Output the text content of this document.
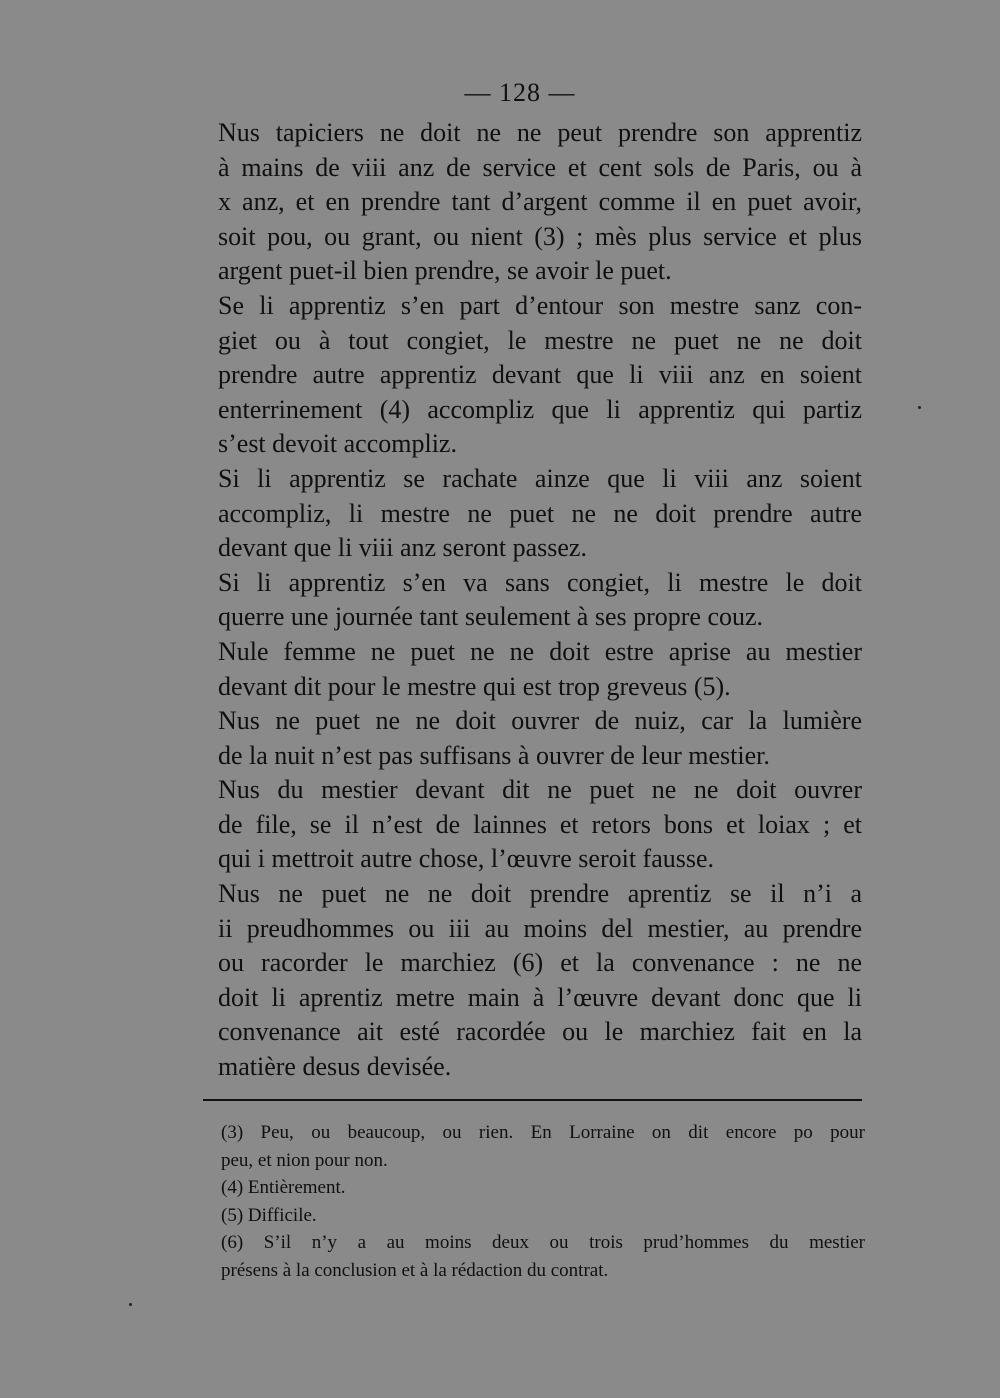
— 128 —

Nus tapiciers ne doit ne ne peut prendre son apprentiz
à mains de viii anz de service et cent sols de Paris, ou à
x anz, et en prendre tant d’argent comme il en puet avoir,
soit pou, ou grant, ou nient (3) ; mès plus service et plus
argent puet-il bien prendre, se avoir le puet.

Se li apprentiz s’en part d’entour son mestre sanz con-
giet ou à tout congiet, le mestre ne puet ne ne doit
prendre autre apprentiz devant que li viii anz en soient
enterrinement (4) accompliz que li apprentiz qui partiz
s’est devoit accompliz.

Si li apprentiz se rachate ainze que li viii anz soient
accompliz, li mestre ne puet ne ne doit prendre autre
devant que li viii anz seront passez.

Si li apprentiz s’en va sans congiet, li mestre le doit
querre une journée tant seulement à ses propre couz.

Nule femme ne puet ne ne doit estre aprise au mestier
devant dit pour le mestre qui est trop greveus (5).

Nus ne puet ne ne doit ouvrer de nuiz, car la lumière
de la nuit n’est pas suffisans à ouvrer de leur mestier.

Nus du mestier devant dit ne puet ne ne doit ouvrer
de file, se il n’est de lainnes et retors bons et loiax ; et
qui i mettroit autre chose, l’œuvre seroit fausse.

Nus ne puet ne ne doit prendre aprentiz se il n’i a
ii preudhommes ou iii au moins del mestier, au prendre
ou racorder le marchiez (6) et la convenance : ne ne
doit li aprentiz metre main à l’œuvre devant donc que li
convenance ait esté racordée ou le marchiez fait en la
matière desus devisée.

(3) Peu, ou beaucoup, ou rien. En Lorraine on dit encore po pour
peu, et nion pour non.

(4) Entièrement.

(5) Difficile.

(6) S’il n’y a au moins deux ou trois prud’hommes du mestier
présens à la conclusion et à la rédaction du contrat.
